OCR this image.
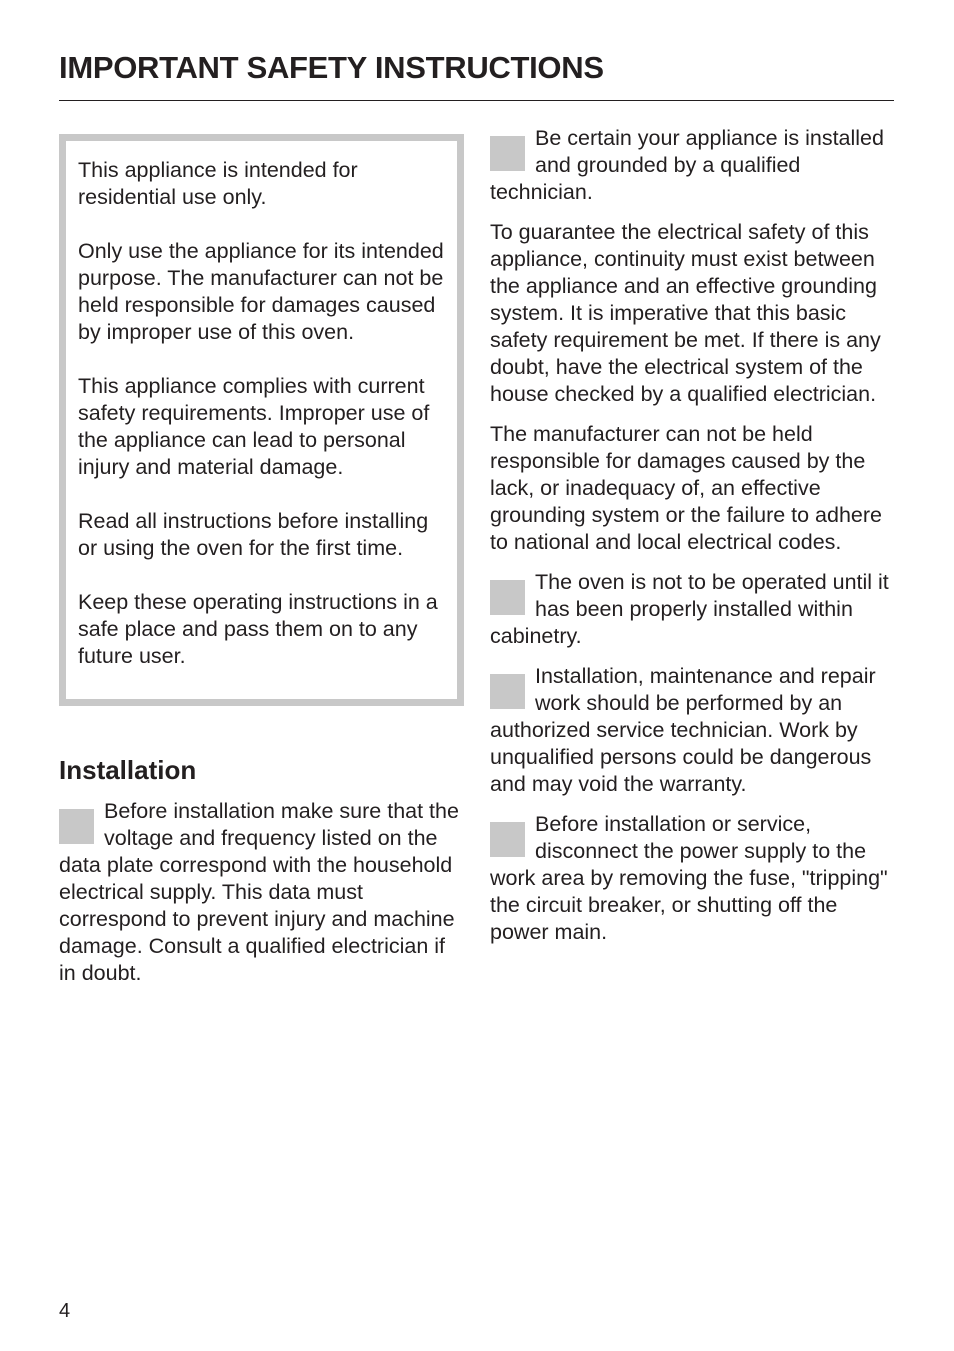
IMPORTANT SAFETY INSTRUCTIONS

This appliance is intended for residential use only.

Only use the appliance for its intended purpose. The manufacturer can not be held responsible for damages caused by improper use of this oven.

This appliance complies with current safety requirements. Improper use of the appliance can lead to personal injury and material damage.

Read all instructions before installing or using the oven for the first time.

Keep these operating instructions in a safe place and pass them on to any future user.

Installation
Before installation make sure that the voltage and frequency listed on the data plate correspond with the household electrical supply. This data must correspond to prevent injury and machine damage. Consult a qualified electrician if in doubt.
Be certain your appliance is installed and grounded by a qualified technician.

To guarantee the electrical safety of this appliance, continuity must exist between the appliance and an effective grounding system. It is imperative that this basic safety requirement be met. If there is any doubt, have the electrical system of the house checked by a qualified electrician.

The manufacturer can not be held responsible for damages caused by the lack, or inadequacy of, an effective grounding system or the failure to adhere to national and local electrical codes.

The oven is not to be operated until it has been properly installed within cabinetry.
Installation, maintenance and repair work should be performed by an authorized service technician. Work by unqualified persons could be dangerous and may void the warranty.
Before installation or service, disconnect the power supply to the work area by removing the fuse, "tripping" the circuit breaker, or shutting off the power main.
4
